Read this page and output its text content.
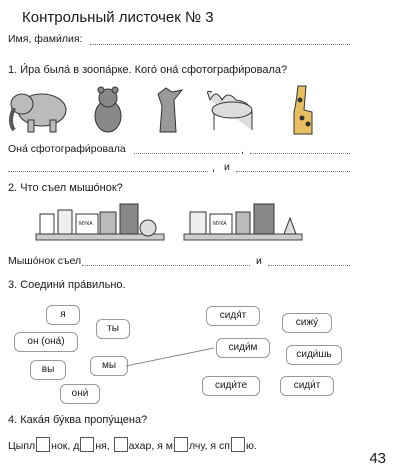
Контрольный листочек № 3
Имя, фами́лия:
1. И́ра была́ в зоопа́рке. Кого́ она́ сфотографи́ровала?
Она́ сфотографи́ровала	,
, и
2. Что съел мышо́нок?
МУКА	МУКА
Мышо́нок съел	и
3. Соедини́ пра́вильно.
я
ты
он (она́)
мы
вы
они́
сидя́т
сижу́
сиди́м
сиди́шь
сиди́те	сиди́т
4. Кака́я бу́ква пропу́щена?
Цыпл нок, д ня, ахар, я м лчу, я сп ю.
43
